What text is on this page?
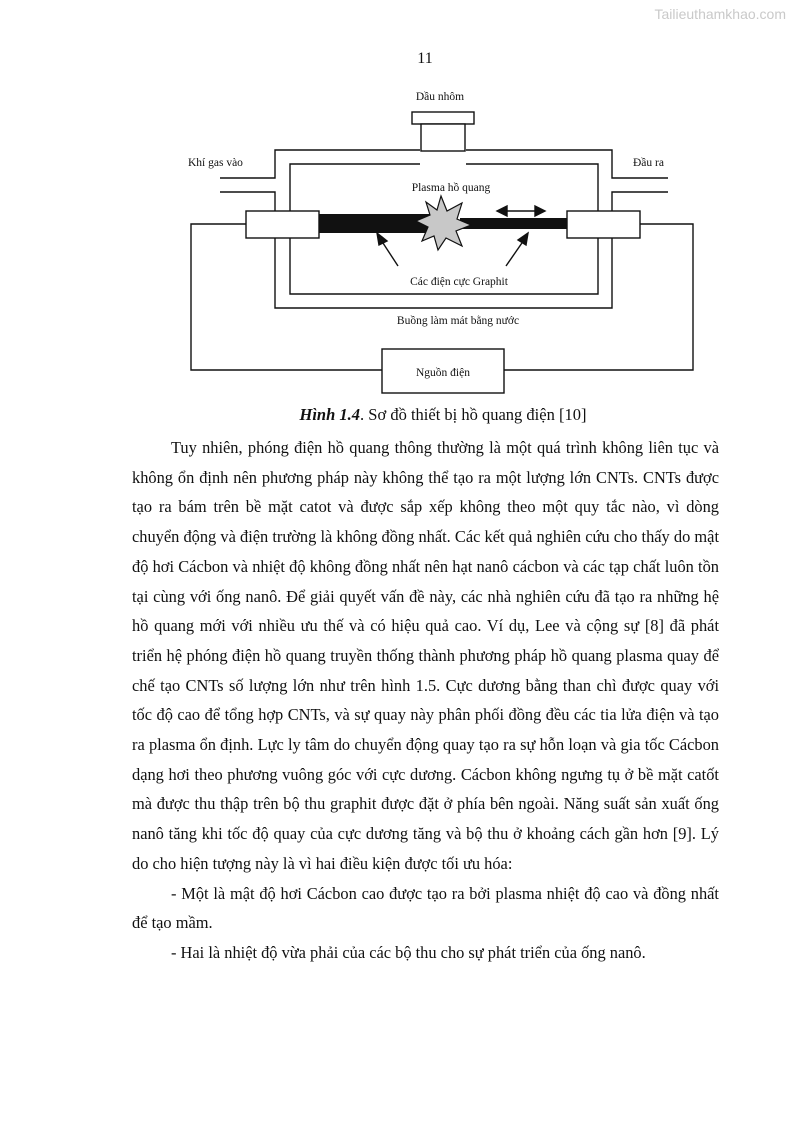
Tailieuthamkhao.com
11
Dầu nhôm
Khí gas vào	Đầu ra
Plasma hồ quang
Các điện cực Graphit
Buồng làm mát bằng nước
Nguồn điện
Hình 1.4. Sơ đồ thiết bị hồ quang điện [10]

Tuy nhiên, phóng điện hồ quang thông thường là một quá trình không liên tục và không ổn định nên phương pháp này không thể tạo ra một lượng lớn CNTs. CNTs được tạo ra bám trên bề mặt catot và được sắp xếp không theo một quy tắc nào, vì dòng chuyển động và điện trường là không đồng nhất. Các kết quả nghiên cứu cho thấy do mật độ hơi Cácbon và nhiệt độ không đồng nhất nên hạt nanô cácbon và các tạp chất luôn tồn tại cùng với ống nanô. Để giải quyết vấn đề này, các nhà nghiên cứu đã tạo ra những hệ hồ quang mới với nhiều ưu thế và có hiệu quả cao. Ví dụ, Lee và cộng sự [8] đã phát triển hệ phóng điện hồ quang truyền thống thành phương pháp hồ quang plasma quay để chế tạo CNTs số lượng lớn như trên hình 1.5. Cực dương bằng than chì được quay với tốc độ cao để tổng hợp CNTs, và sự quay này phân phối đồng đều các tia lửa điện và tạo ra plasma ổn định. Lực ly tâm do chuyển động quay tạo ra sự hỗn loạn và gia tốc Cácbon dạng hơi theo phương vuông góc với cực dương. Cácbon không ngưng tụ ở bề mặt catốt mà được thu thập trên bộ thu graphit được đặt ở phía bên ngoài. Năng suất sản xuất ống nanô tăng khi tốc độ quay của cực dương tăng và bộ thu ở khoảng cách gần hơn [9]. Lý do cho hiện tượng này là vì hai điều kiện được tối ưu hóa:

- Một là mật độ hơi Cácbon cao được tạo ra bởi plasma nhiệt độ cao và đồng nhất để tạo mầm.

- Hai là nhiệt độ vừa phải của các bộ thu cho sự phát triển của ống nanô.
